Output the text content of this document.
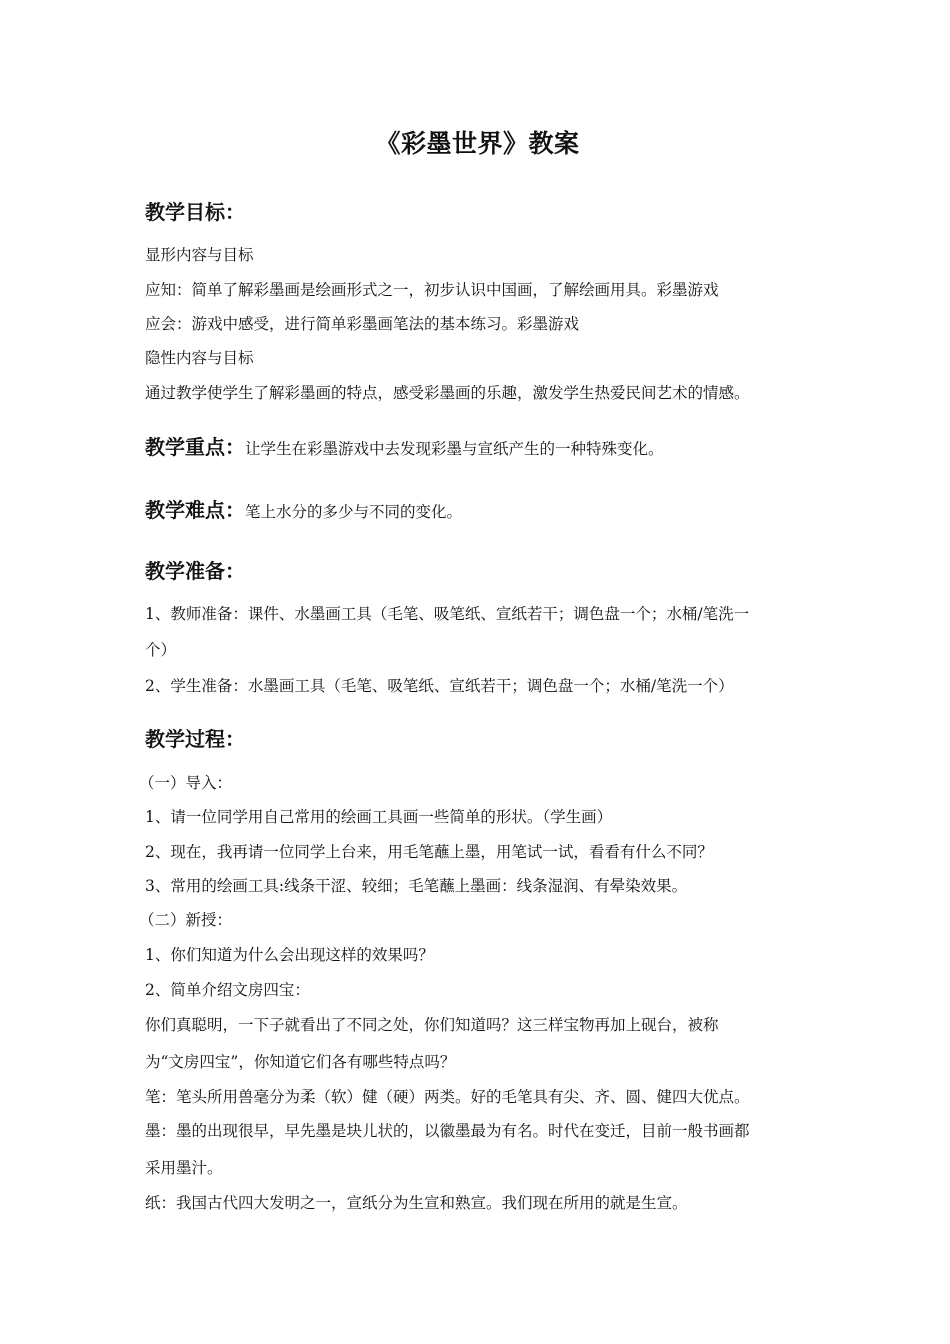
《彩墨世界》教案
教学目标：
显形内容与目标
应知：简单了解彩墨画是绘画形式之一，初步认识中国画，了解绘画用具。彩墨游戏
应会：游戏中感受，进行简单彩墨画笔法的基本练习。彩墨游戏
隐性内容与目标
通过教学使学生了解彩墨画的特点，感受彩墨画的乐趣，激发学生热爱民间艺术的情感。
教学重点：让学生在彩墨游戏中去发现彩墨与宣纸产生的一种特殊变化。
教学难点：笔上水分的多少与不同的变化。
教学准备：
1、教师准备：课件、水墨画工具（毛笔、吸笔纸、宣纸若干；调色盘一个；水桶/笔洗一
个）
2、学生准备：水墨画工具（毛笔、吸笔纸、宣纸若干；调色盘一个；水桶/笔洗一个）
教学过程：
（一）导入：
1、请一位同学用自己常用的绘画工具画一些简单的形状。（学生画）
2、现在，我再请一位同学上台来，用毛笔蘸上墨，用笔试一试，看看有什么不同？
3、常用的绘画工具:线条干涩、较细；毛笔蘸上墨画：线条湿润、有晕染效果。
（二）新授：
1、你们知道为什么会出现这样的效果吗？
2、简单介绍文房四宝：
你们真聪明，一下子就看出了不同之处，你们知道吗？这三样宝物再加上砚台，被称
为“文房四宝”，你知道它们各有哪些特点吗？
笔：笔头所用兽毫分为柔（软）健（硬）两类。好的毛笔具有尖、齐、圆、健四大优点。
墨：墨的出现很早，早先墨是块儿状的，以徽墨最为有名。时代在变迁，目前一般书画都
采用墨汁。
纸：我国古代四大发明之一，宣纸分为生宣和熟宣。我们现在所用的就是生宣。
